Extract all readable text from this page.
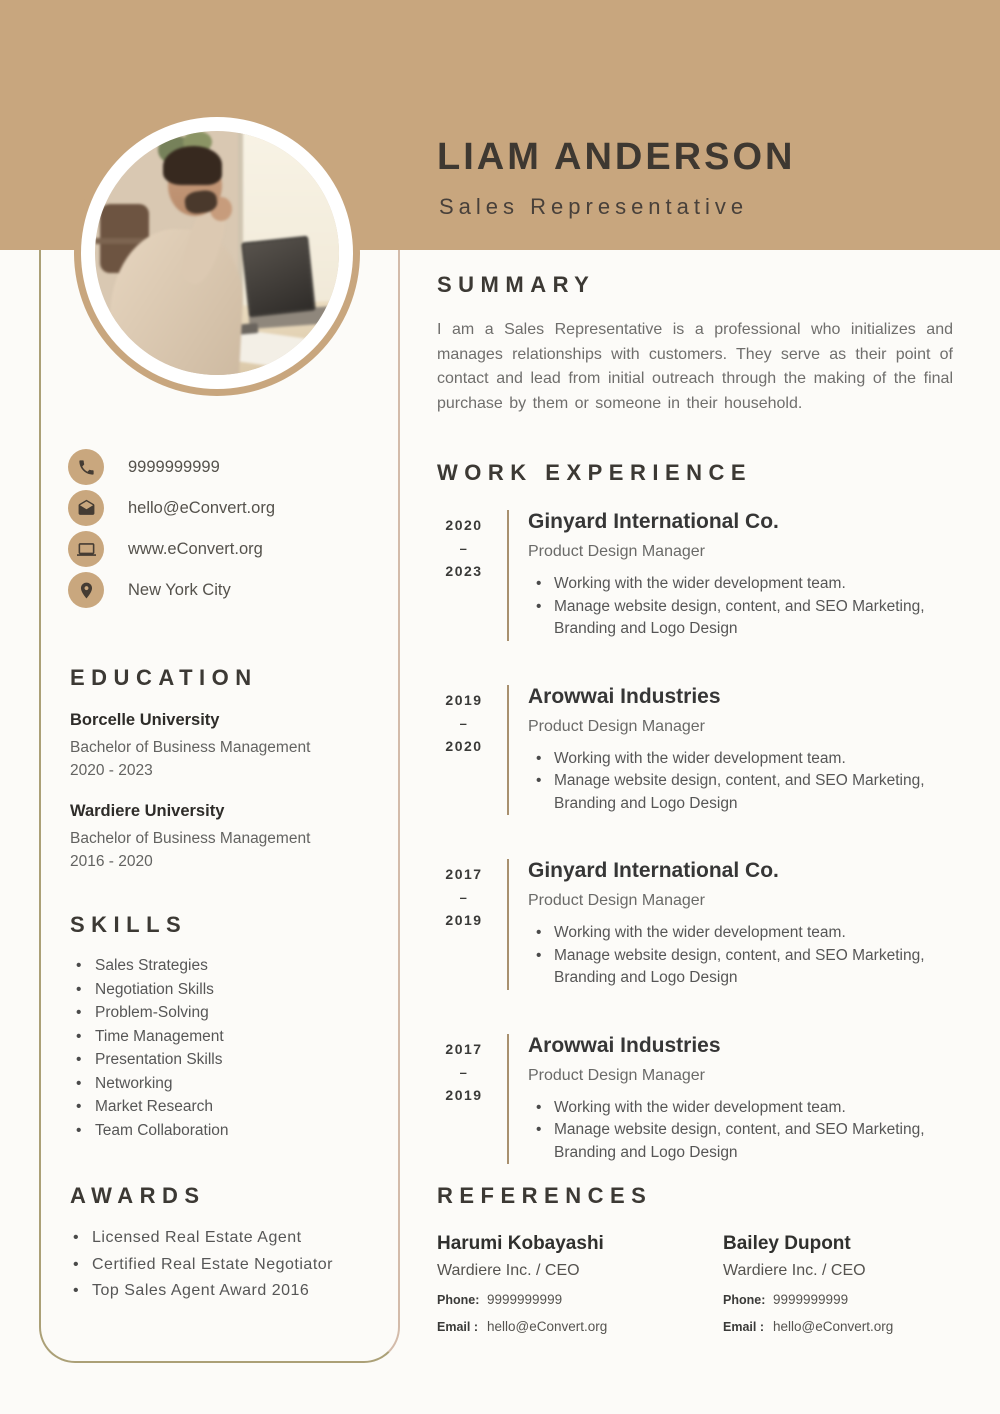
LIAM ANDERSON
Sales Representative
9999999999
hello@eConvert.org
www.eConvert.org
New York City
EDUCATION
Borcelle University
Bachelor of Business Management
2020 - 2023
Wardiere University
Bachelor of Business Management
2016 - 2020
SKILLS
• Sales Strategies
• Negotiation Skills
• Problem-Solving
• Time Management
• Presentation Skills
• Networking
• Market Research
• Team Collaboration
AWARDS
• Licensed Real Estate Agent
• Certified Real Estate Negotiator
• Top Sales Agent Award 2016
SUMMARY

I am a Sales Representative is a professional who initializes and manages relationships with customers. They serve as their point of contact and lead from initial outreach through the making of the final purchase by them or someone in their household.

WORK EXPERIENCE
2020
–
2023
Ginyard International Co.
Product Design Manager
• Working with the wider development team.
• Manage website design, content, and SEO Marketing, Branding and Logo Design
2019
–
2020
Arowwai Industries
Product Design Manager
• Working with the wider development team.
• Manage website design, content, and SEO Marketing, Branding and Logo Design
2017
–
2019
Ginyard International Co.
Product Design Manager
• Working with the wider development team.
• Manage website design, content, and SEO Marketing, Branding and Logo Design
2017
–
2019
Arowwai Industries
Product Design Manager
• Working with the wider development team.
• Manage website design, content, and SEO Marketing, Branding and Logo Design
REFERENCES
Harumi Kobayashi
Wardiere Inc. / CEO
Phone: 9999999999
Email : hello@eConvert.org
Bailey Dupont
Wardiere Inc. / CEO
Phone: 9999999999
Email : hello@eConvert.org
